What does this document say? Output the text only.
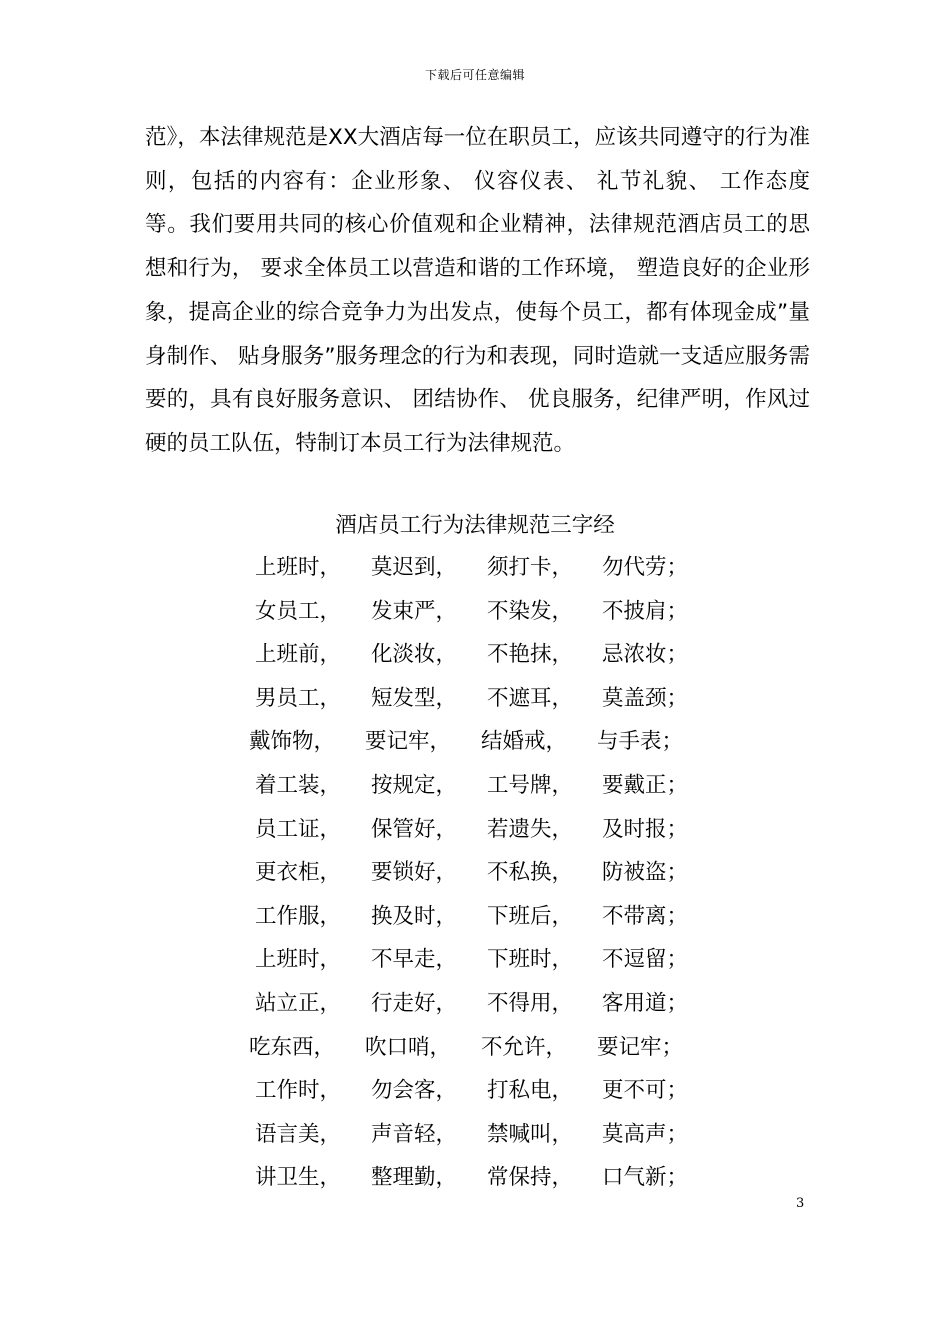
下载后可任意编辑

范》，本法律规范是XX大酒店每一位在职员工，应该共同遵守的行为准则，包括的内容有：企业形象、 仪容仪表、 礼节礼貌、 工作态度等。我们要用共同的核心价值观和企业精神，法律规范酒店员工的思想和行为， 要求全体员工以营造和谐的工作环境， 塑造良好的企业形象，提高企业的综合竞争力为出发点，使每个员工，都有体现金成”量身制作、 贴身服务”服务理念的行为和表现，同时造就一支适应服务需要的，具有良好服务意识、 团结协作、 优良服务，纪律严明，作风过硬的员工队伍，特制订本员工行为法律规范。

酒店员工行为法律规范三字经
上班时， 莫迟到， 须打卡， 勿代劳；
女员工， 发束严， 不染发， 不披肩；
上班前， 化淡妆， 不艳抹， 忌浓妆；
男员工， 短发型， 不遮耳， 莫盖颈；
戴饰物， 要记牢， 结婚戒， 与手表；
着工装， 按规定， 工号牌， 要戴正；
员工证， 保管好， 若遗失， 及时报；
更衣柜， 要锁好， 不私换， 防被盗；
工作服， 换及时， 下班后， 不带离；
上班时， 不早走， 下班时， 不逗留；
站立正， 行走好， 不得用， 客用道；
吃东西， 吹口哨， 不允许， 要记牢；
工作时， 勿会客， 打私电， 更不可；
语言美， 声音轻， 禁喊叫， 莫高声；
讲卫生， 整理勤， 常保持， 口气新；
3
